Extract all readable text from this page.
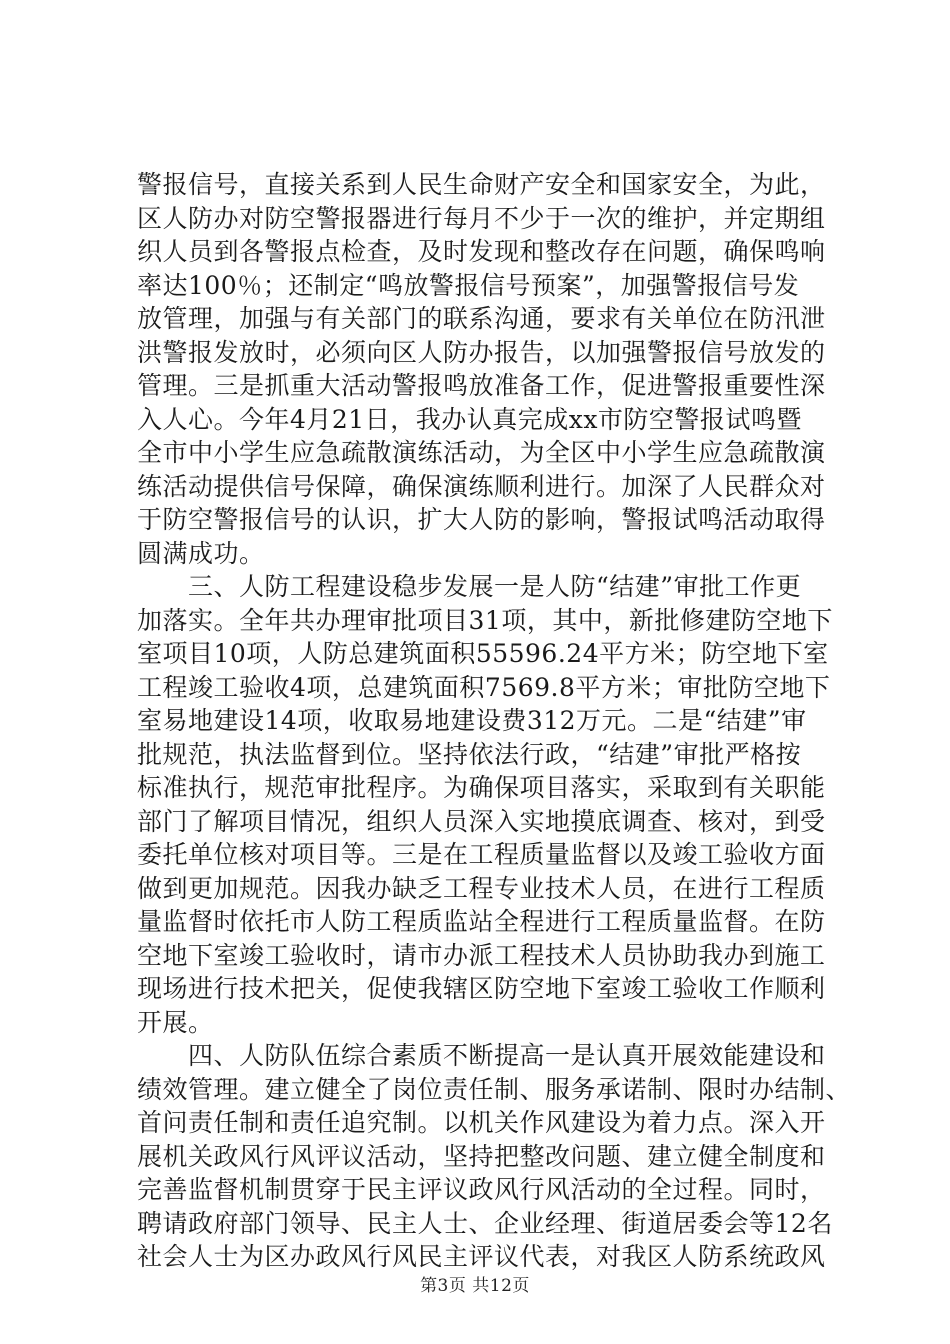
警报信号，直接关系到人民生命财产安全和国家安全，为此，
区人防办对防空警报器进行每月不少于一次的维护，并定期组
织人员到各警报点检查，及时发现和整改存在问题，确保鸣响
率达100％；还制定“鸣放警报信号预案”，加强警报信号发
放管理，加强与有关部门的联系沟通，要求有关单位在防汛泄
洪警报发放时，必须向区人防办报告，以加强警报信号放发的
管理。三是抓重大活动警报鸣放准备工作，促进警报重要性深
入人心。今年4月21日，我办认真完成xx市防空警报试鸣暨
全市中小学生应急疏散演练活动，为全区中小学生应急疏散演
练活动提供信号保障，确保演练顺利进行。加深了人民群众对
于防空警报信号的认识，扩大人防的影响，警报试鸣活动取得
圆满成功。
　　三、人防工程建设稳步发展一是人防“结建”审批工作更
加落实。全年共办理审批项目31项，其中，新批修建防空地下
室项目10项，人防总建筑面积55596.24平方米；防空地下室
工程竣工验收4项，总建筑面积7569.8平方米；审批防空地下
室易地建设14项，收取易地建设费312万元。二是“结建”审
批规范，执法监督到位。坚持依法行政，“结建”审批严格按
标准执行，规范审批程序。为确保项目落实，采取到有关职能
部门了解项目情况，组织人员深入实地摸底调查、核对，到受
委托单位核对项目等。三是在工程质量监督以及竣工验收方面
做到更加规范。因我办缺乏工程专业技术人员，在进行工程质
量监督时依托市人防工程质监站全程进行工程质量监督。在防
空地下室竣工验收时，请市办派工程技术人员协助我办到施工
现场进行技术把关，促使我辖区防空地下室竣工验收工作顺利
开展。
　　四、人防队伍综合素质不断提高一是认真开展效能建设和
绩效管理。建立健全了岗位责任制、服务承诺制、限时办结制、
首问责任制和责任追究制。以机关作风建设为着力点。深入开
展机关政风行风评议活动，坚持把整改问题、建立健全制度和
完善监督机制贯穿于民主评议政风行风活动的全过程。同时，
聘请政府部门领导、民主人士、企业经理、街道居委会等12名
社会人士为区办政风行风民主评议代表，对我区人防系统政风
第3页 共12页
